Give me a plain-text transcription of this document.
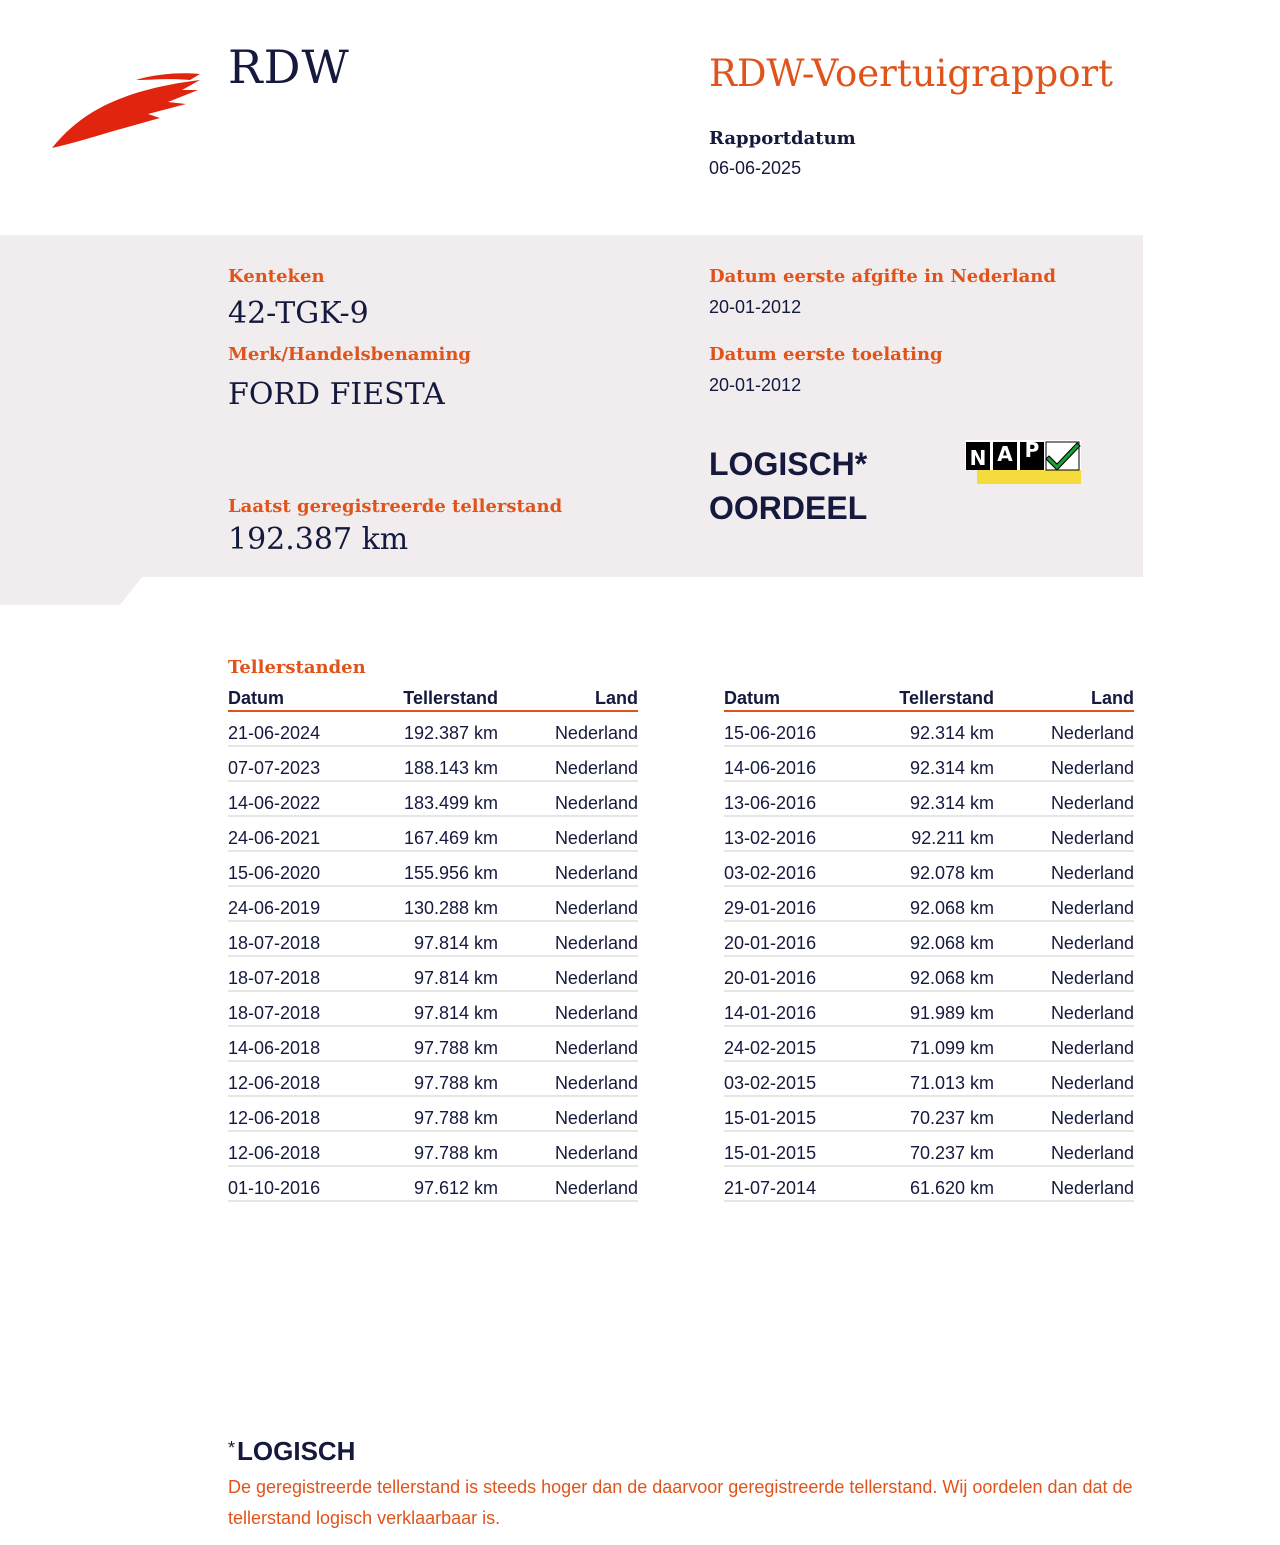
RDW	RDW-Voertuigrapport
Rapportdatum
06-06-2025
Kenteken
42-TGK-9
Merk/Handelsbenaming
FORD FIESTA
Laatst geregistreerde tellerstand
192.387 km
Datum eerste afgifte in Nederland
20-01-2012
Datum eerste toelating
20-01-2012
LOGISCH*
OORDEEL
N A P
Tellerstanden
Datum	Tellerstand	Land
21-06-2024	192.387 km	Nederland
07-07-2023	188.143 km	Nederland
14-06-2022	183.499 km	Nederland
24-06-2021	167.469 km	Nederland
15-06-2020	155.956 km	Nederland
24-06-2019	130.288 km	Nederland
18-07-2018	97.814 km	Nederland
18-07-2018	97.814 km	Nederland
18-07-2018	97.814 km	Nederland
14-06-2018	97.788 km	Nederland
12-06-2018	97.788 km	Nederland
12-06-2018	97.788 km	Nederland
12-06-2018	97.788 km	Nederland
01-10-2016	97.612 km	Nederland
Datum	Tellerstand	Land
15-06-2016	92.314 km	Nederland
14-06-2016	92.314 km	Nederland
13-06-2016	92.314 km	Nederland
13-02-2016	92.211 km	Nederland
03-02-2016	92.078 km	Nederland
29-01-2016	92.068 km	Nederland
20-01-2016	92.068 km	Nederland
20-01-2016	92.068 km	Nederland
14-01-2016	91.989 km	Nederland
24-02-2015	71.099 km	Nederland
03-02-2015	71.013 km	Nederland
15-01-2015	70.237 km	Nederland
15-01-2015	70.237 km	Nederland
21-07-2014	61.620 km	Nederland
*LOGISCH
De geregistreerde tellerstand is steeds hoger dan de daarvoor geregistreerde tellerstand. Wij oordelen dan dat de tellerstand logisch verklaarbaar is.
